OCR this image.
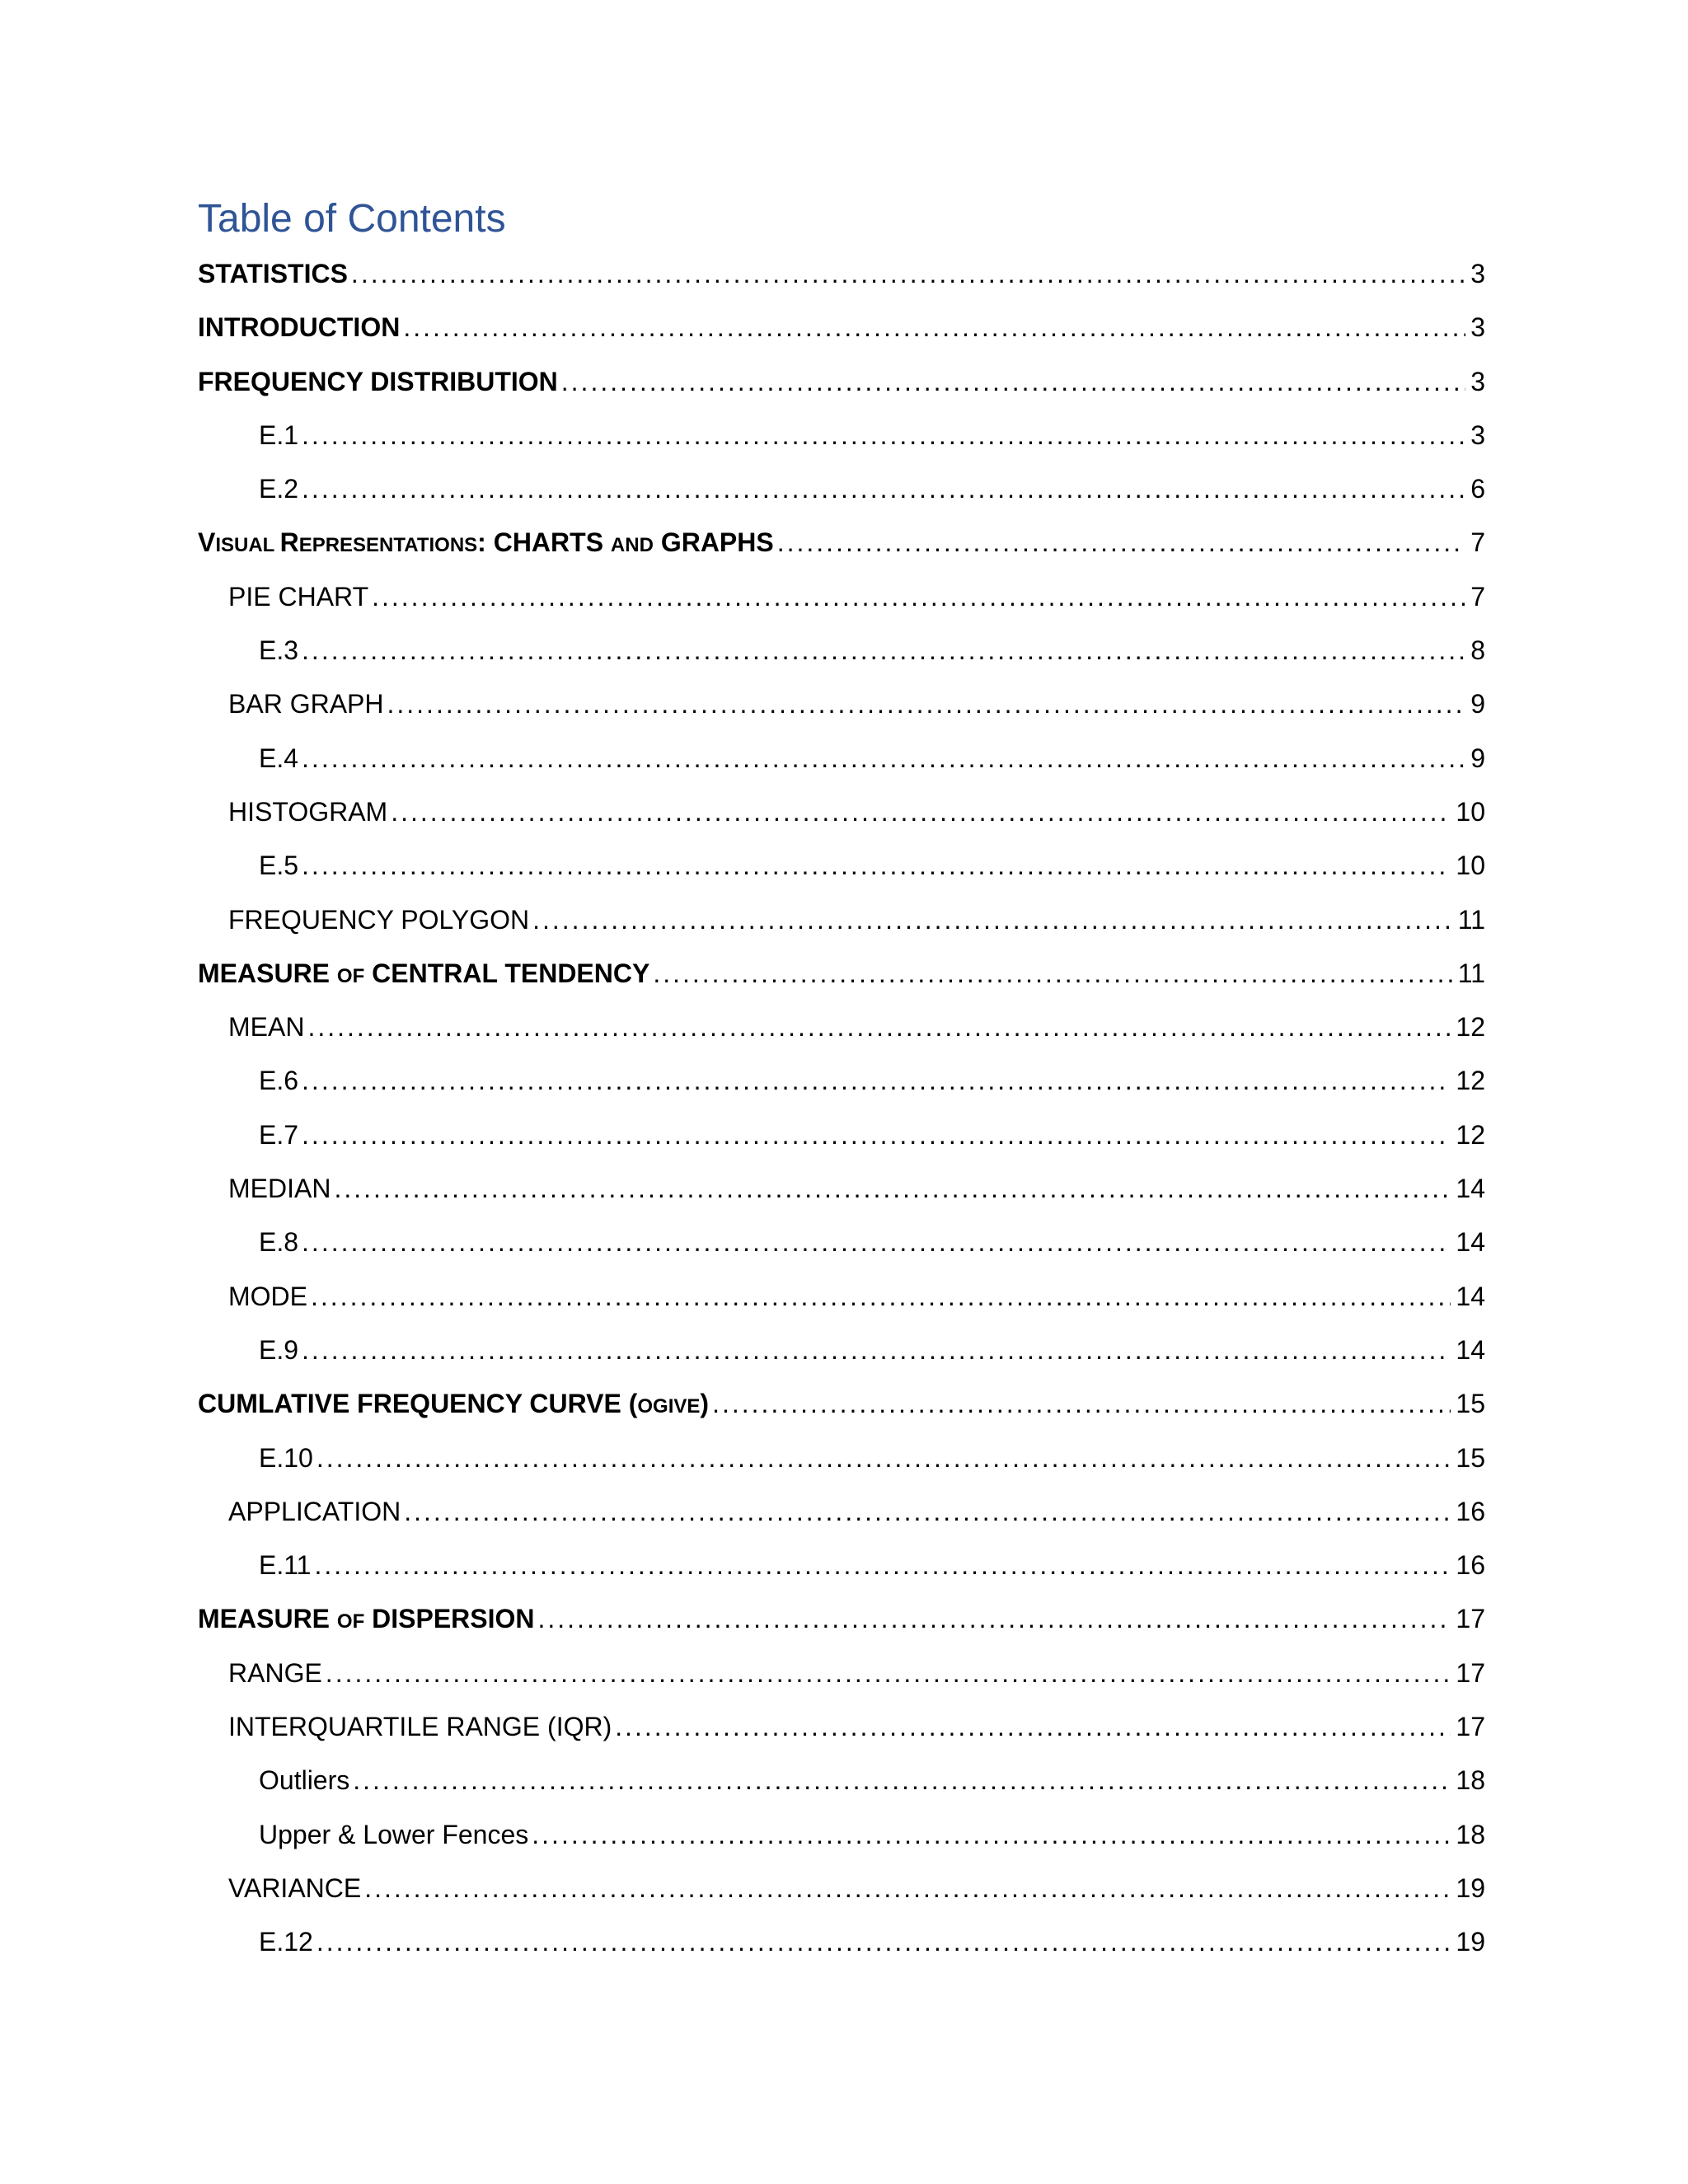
Table of Contents
STATISTICS .....	3
INTRODUCTION .....	3
FREQUENCY DISTRIBUTION .....	3
E.1 .....	3
E.2 .....	6
VISUAL REPRESENTATIONS: CHARTS AND GRAPHS .....	7
PIE CHART .....	7
E.3 .....	8
BAR GRAPH .....	9
E.4 .....	9
HISTOGRAM .....	10
E.5 .....	10
FREQUENCY POLYGON .....	11
MEASURE OF CENTRAL TENDENCY .....	11
MEAN .....	12
E.6 .....	12
E.7 .....	12
MEDIAN .....	14
E.8 .....	14
MODE .....	14
E.9 .....	14
CUMLATIVE FREQUENCY CURVE (OGIVE) .....	15
E.10 .....	15
APPLICATION .....	16
E.11 .....	16
MEASURE OF DISPERSION .....	17
RANGE .....	17
INTERQUARTILE RANGE (IQR) .....	17
Outliers .....	18
Upper & Lower Fences .....	18
VARIANCE .....	19
E.12 .....	19
